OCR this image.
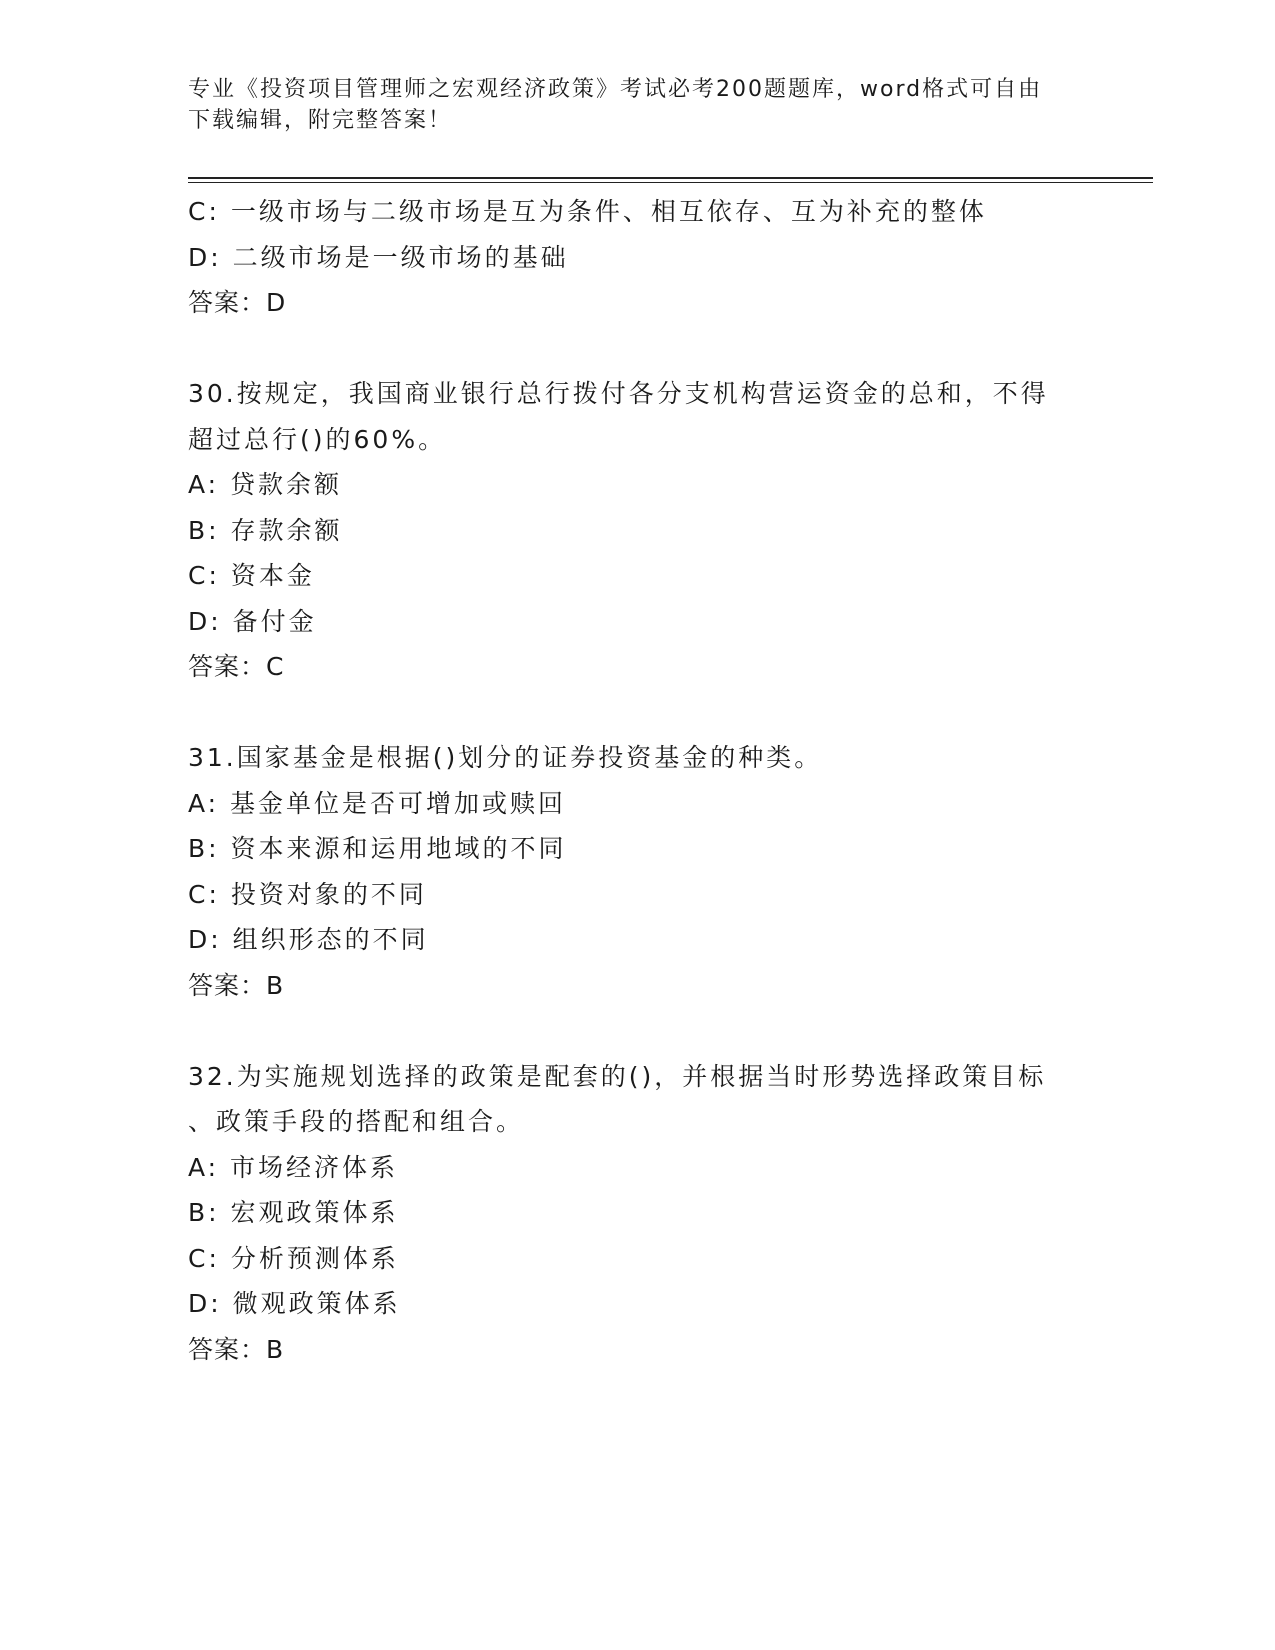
专业《投资项目管理师之宏观经济政策》考试必考200题题库，word格式可自由
下载编辑，附完整答案！
C: 一级市场与二级市场是互为条件、相互依存、互为补充的整体
D: 二级市场是一级市场的基础
答案：D
30.按规定，我国商业银行总行拨付各分支机构营运资金的总和，不得
超过总行()的60%。
A: 贷款余额
B: 存款余额
C: 资本金
D: 备付金
答案：C
31.国家基金是根据()划分的证券投资基金的种类。
A: 基金单位是否可增加或赎回
B: 资本来源和运用地域的不同
C: 投资对象的不同
D: 组织形态的不同
答案：B
32.为实施规划选择的政策是配套的()，并根据当时形势选择政策目标
、政策手段的搭配和组合。
A: 市场经济体系
B: 宏观政策体系
C: 分析预测体系
D: 微观政策体系
答案：B
